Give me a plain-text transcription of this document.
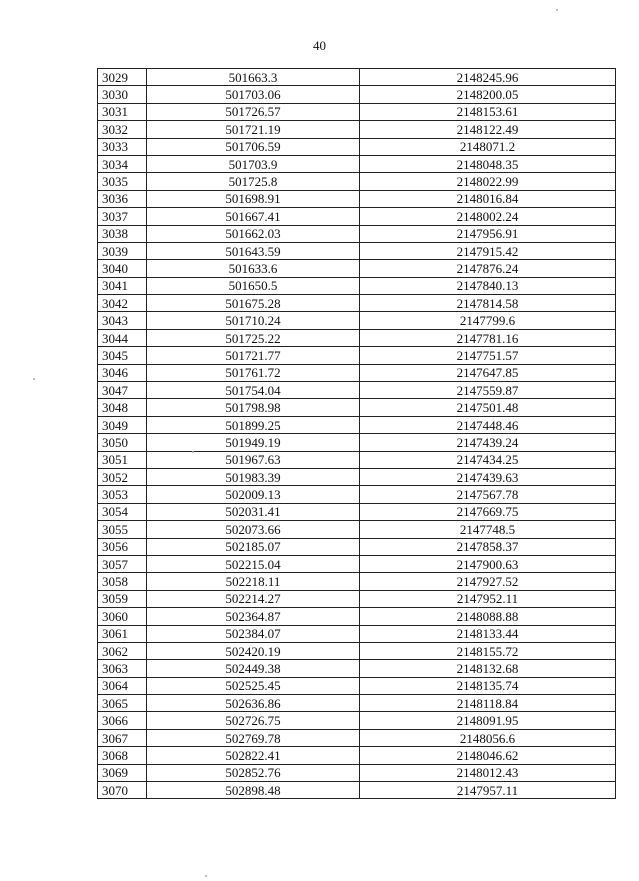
40
3029	501663.3	2148245.96
3030	501703.06	2148200.05
3031	501726.57	2148153.61
3032	501721.19	2148122.49
3033	501706.59	2148071.2
3034	501703.9	2148048.35
3035	501725.8	2148022.99
3036	501698.91	2148016.84
3037	501667.41	2148002.24
3038	501662.03	2147956.91
3039	501643.59	2147915.42
3040	501633.6	2147876.24
3041	501650.5	2147840.13
3042	501675.28	2147814.58
3043	501710.24	2147799.6
3044	501725.22	2147781.16
3045	501721.77	2147751.57
3046	501761.72	2147647.85
3047	501754.04	2147559.87
3048	501798.98	2147501.48
3049	501899.25	2147448.46
3050	501949.19	2147439.24
3051	501967.63	2147434.25
3052	501983.39	2147439.63
3053	502009.13	2147567.78
3054	502031.41	2147669.75
3055	502073.66	2147748.5
3056	502185.07	2147858.37
3057	502215.04	2147900.63
3058	502218.11	2147927.52
3059	502214.27	2147952.11
3060	502364.87	2148088.88
3061	502384.07	2148133.44
3062	502420.19	2148155.72
3063	502449.38	2148132.68
3064	502525.45	2148135.74
3065	502636.86	2148118.84
3066	502726.75	2148091.95
3067	502769.78	2148056.6
3068	502822.41	2148046.62
3069	502852.76	2148012.43
3070	502898.48	2147957.11
